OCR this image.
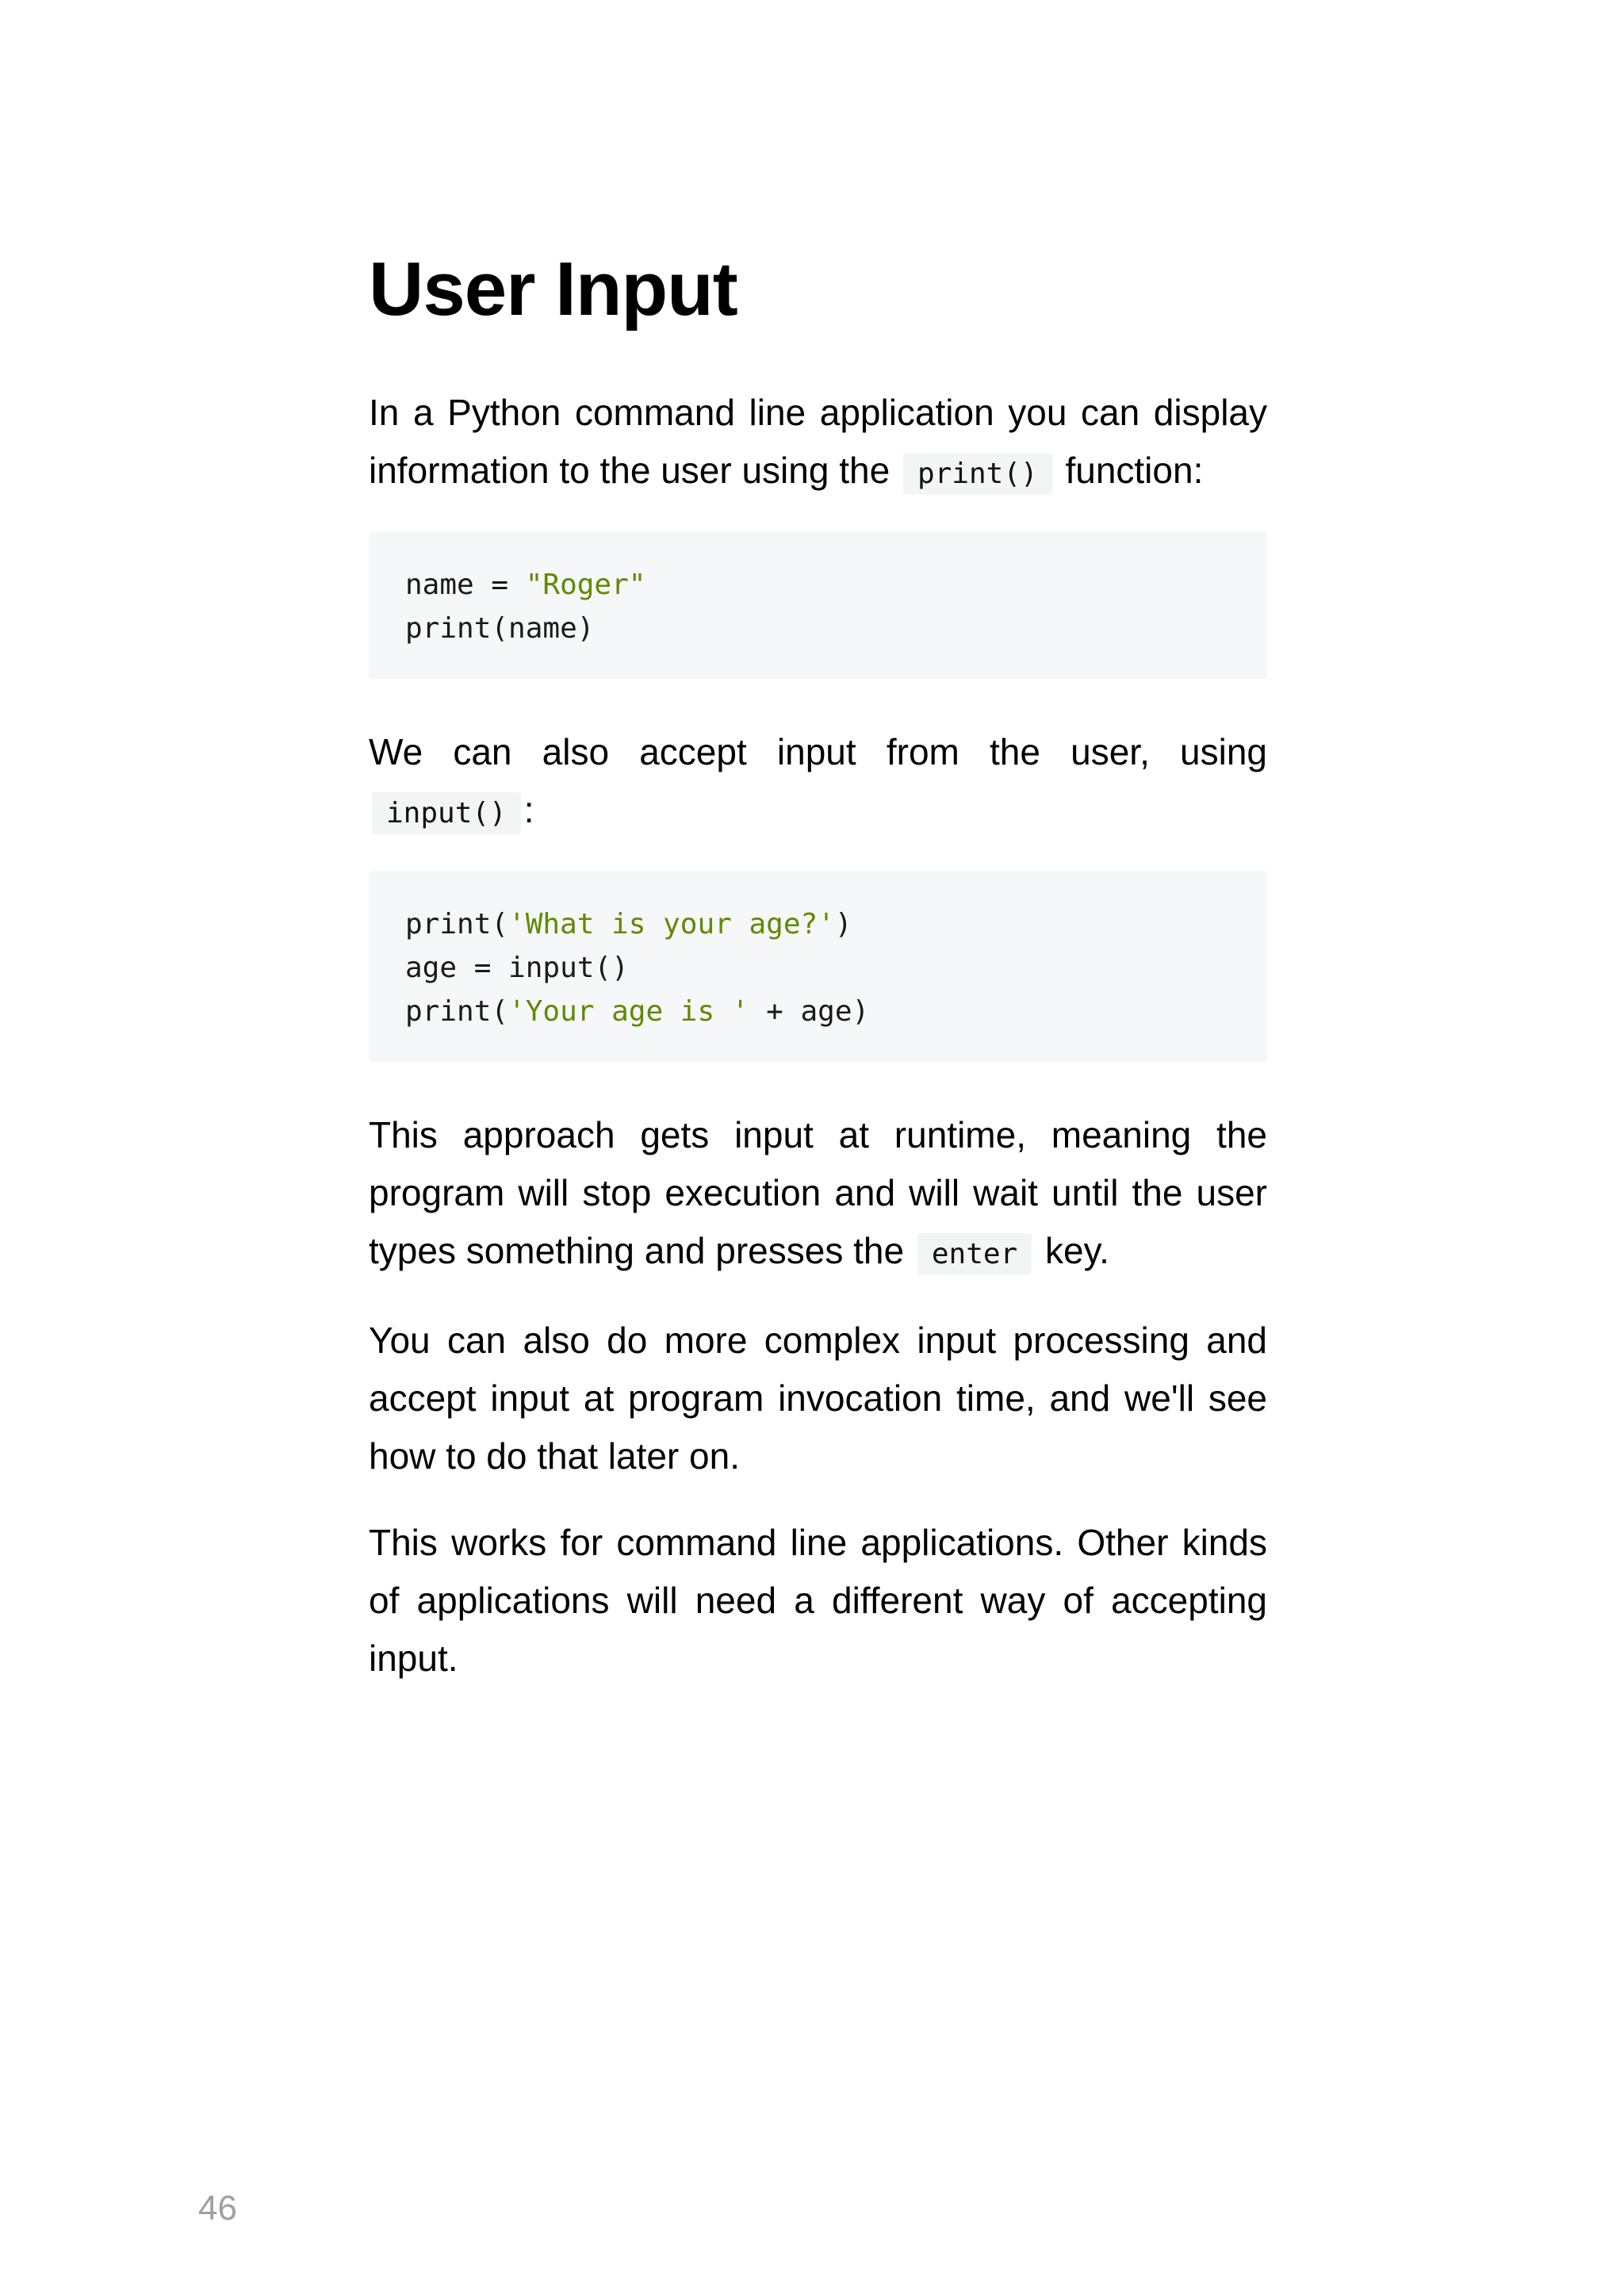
User Input

In a Python command line application you can display information to the user using the print() function:

name = "Roger"
print(name)

We can also accept input from the user, using input() :

print('What is your age?')
age = input()
print('Your age is ' + age)

This approach gets input at runtime, meaning the program will stop execution and will wait until the user types something and presses the enter key.

You can also do more complex input processing and accept input at program invocation time, and we'll see how to do that later on.

This works for command line applications. Other kinds of applications will need a different way of accepting input.

46
